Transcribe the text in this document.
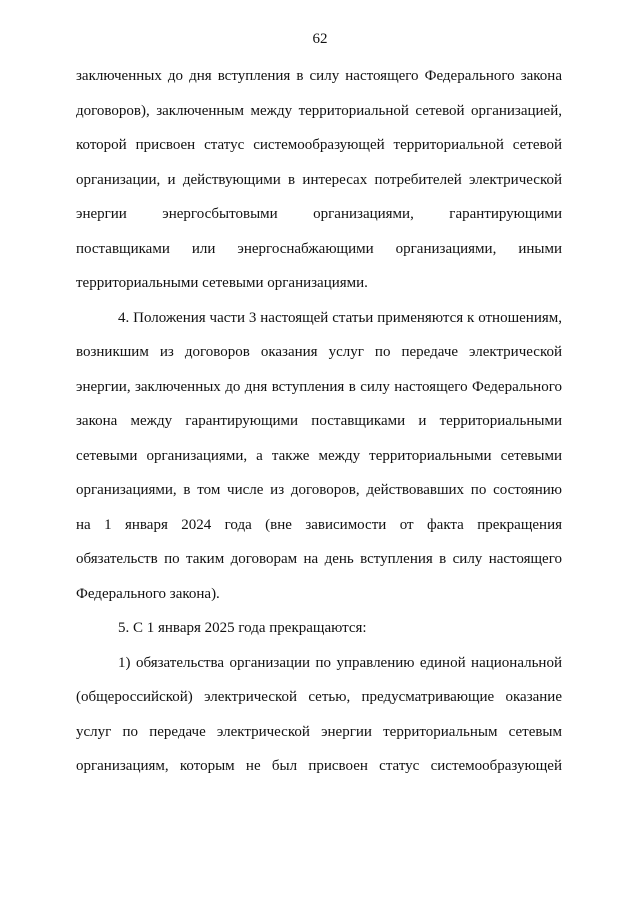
62
заключенных до дня вступления в силу настоящего Федерального закона
договоров), заключенным между территориальной сетевой организацией,
которой присвоен статус системообразующей территориальной сетевой
организации, и действующими в интересах потребителей электрической
энергии энергосбытовыми организациями, гарантирующими
поставщиками или энергоснабжающими организациями, иными
территориальными сетевыми организациями.
4. Положения части 3 настоящей статьи применяются к отношениям,
возникшим из договоров оказания услуг по передаче электрической
энергии, заключенных до дня вступления в силу настоящего Федерального
закона между гарантирующими поставщиками и территориальными
сетевыми организациями, а также между территориальными сетевыми
организациями, в том числе из договоров, действовавших по состоянию
на 1 января 2024 года (вне зависимости от факта прекращения
обязательств по таким договорам на день вступления в силу настоящего
Федерального закона).
5. С 1 января 2025 года прекращаются:
1) обязательства организации по управлению единой национальной
(общероссийской) электрической сетью, предусматривающие оказание
услуг по передаче электрической энергии территориальным сетевым
организациям, которым не был присвоен статус системообразующей
